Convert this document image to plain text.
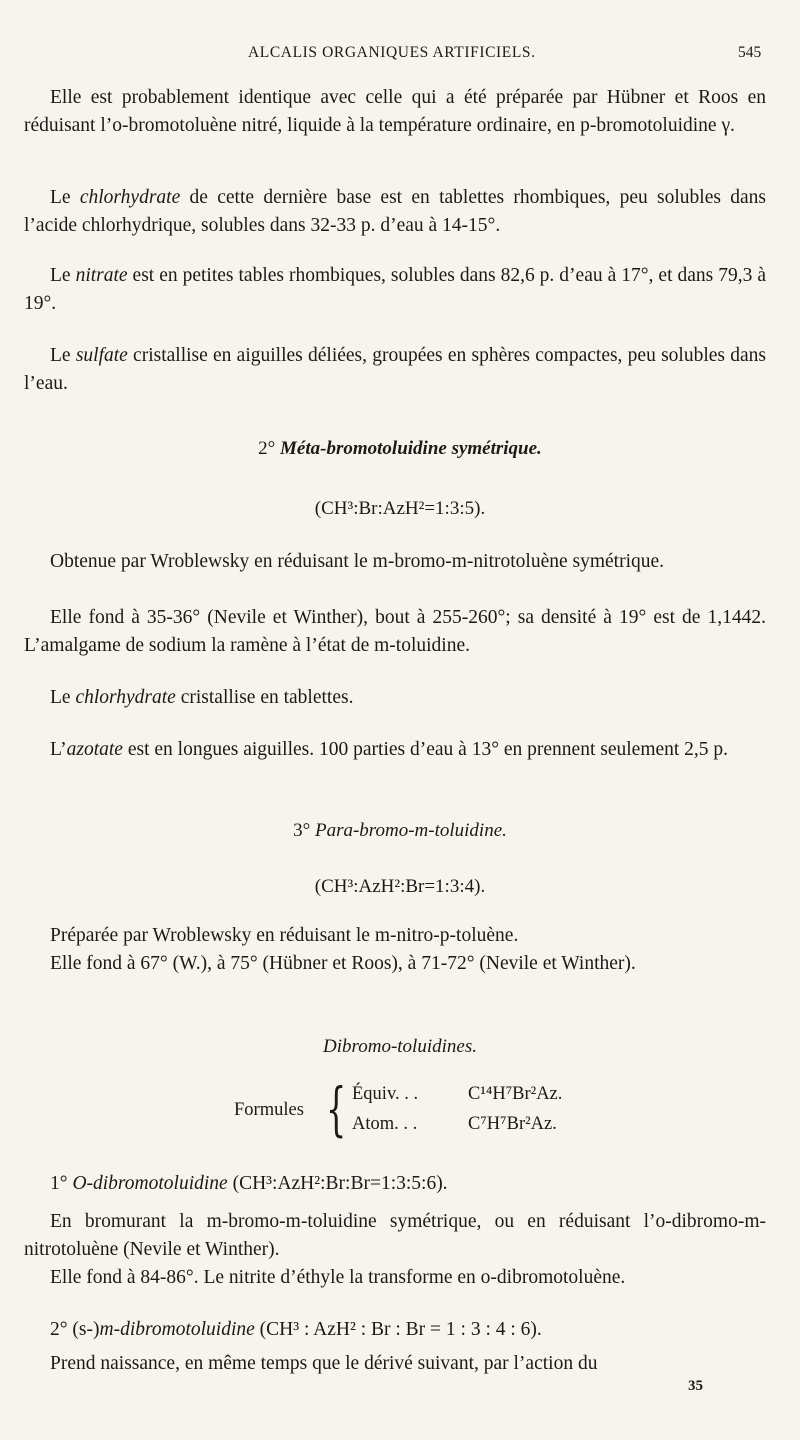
ALCALIS ORGANIQUES ARTIFICIELS.	545

Elle est probablement identique avec celle qui a été préparée par Hübner et Roos en réduisant l’o-bromotoluène nitré, liquide à la température ordinaire, en p-bromotoluidine γ.

Le chlorhydrate de cette dernière base est en tablettes rhombiques, peu solubles dans l’acide chlorhydrique, solubles dans 32-33 p. d’eau à 14-15°.

Le nitrate est en petites tables rhombiques, solubles dans 82,6 p. d’eau à 17°, et dans 79,3 à 19°.

Le sulfate cristallise en aiguilles déliées, groupées en sphères compactes, peu solubles dans l’eau.

2° Méta-bromotoluidine symétrique.
(CH³:Br:AzH²=1:3:5).

Obtenue par Wroblewsky en réduisant le m-bromo-m-nitrotoluène symétrique.

Elle fond à 35-36° (Nevile et Winther), bout à 255-260°; sa densité à 19° est de 1,1442. L’amalgame de sodium la ramène à l’état de m-toluidine.

Le chlorhydrate cristallise en tablettes.

L’azotate est en longues aiguilles. 100 parties d’eau à 13° en prennent seulement 2,5 p.

3° Para-bromo-m-toluidine.
(CH³:AzH²:Br=1:3:4).

Préparée par Wroblewsky en réduisant le m-nitro-p-toluène.

Elle fond à 67° (W.), à 75° (Hübner et Roos), à 71-72° (Nevile et Winther).

Dibromo-toluidines.
Formules { Équiv. . .	C¹⁴H⁷Br²Az.
Atom. . .	C⁷H⁷Br²Az.

1° O-dibromotoluidine (CH³:AzH²:Br:Br=1:3:5:6).

En bromurant la m-bromo-m-toluidine symétrique, ou en réduisant l’o-dibromo-m-nitrotoluène (Nevile et Winther).

Elle fond à 84-86°. Le nitrite d’éthyle la transforme en o-dibromotoluène.

2° (s-)m-dibromotoluidine (CH³ : AzH² : Br : Br = 1 : 3 : 4 : 6).

Prend naissance, en même temps que le dérivé suivant, par l’action du

35
